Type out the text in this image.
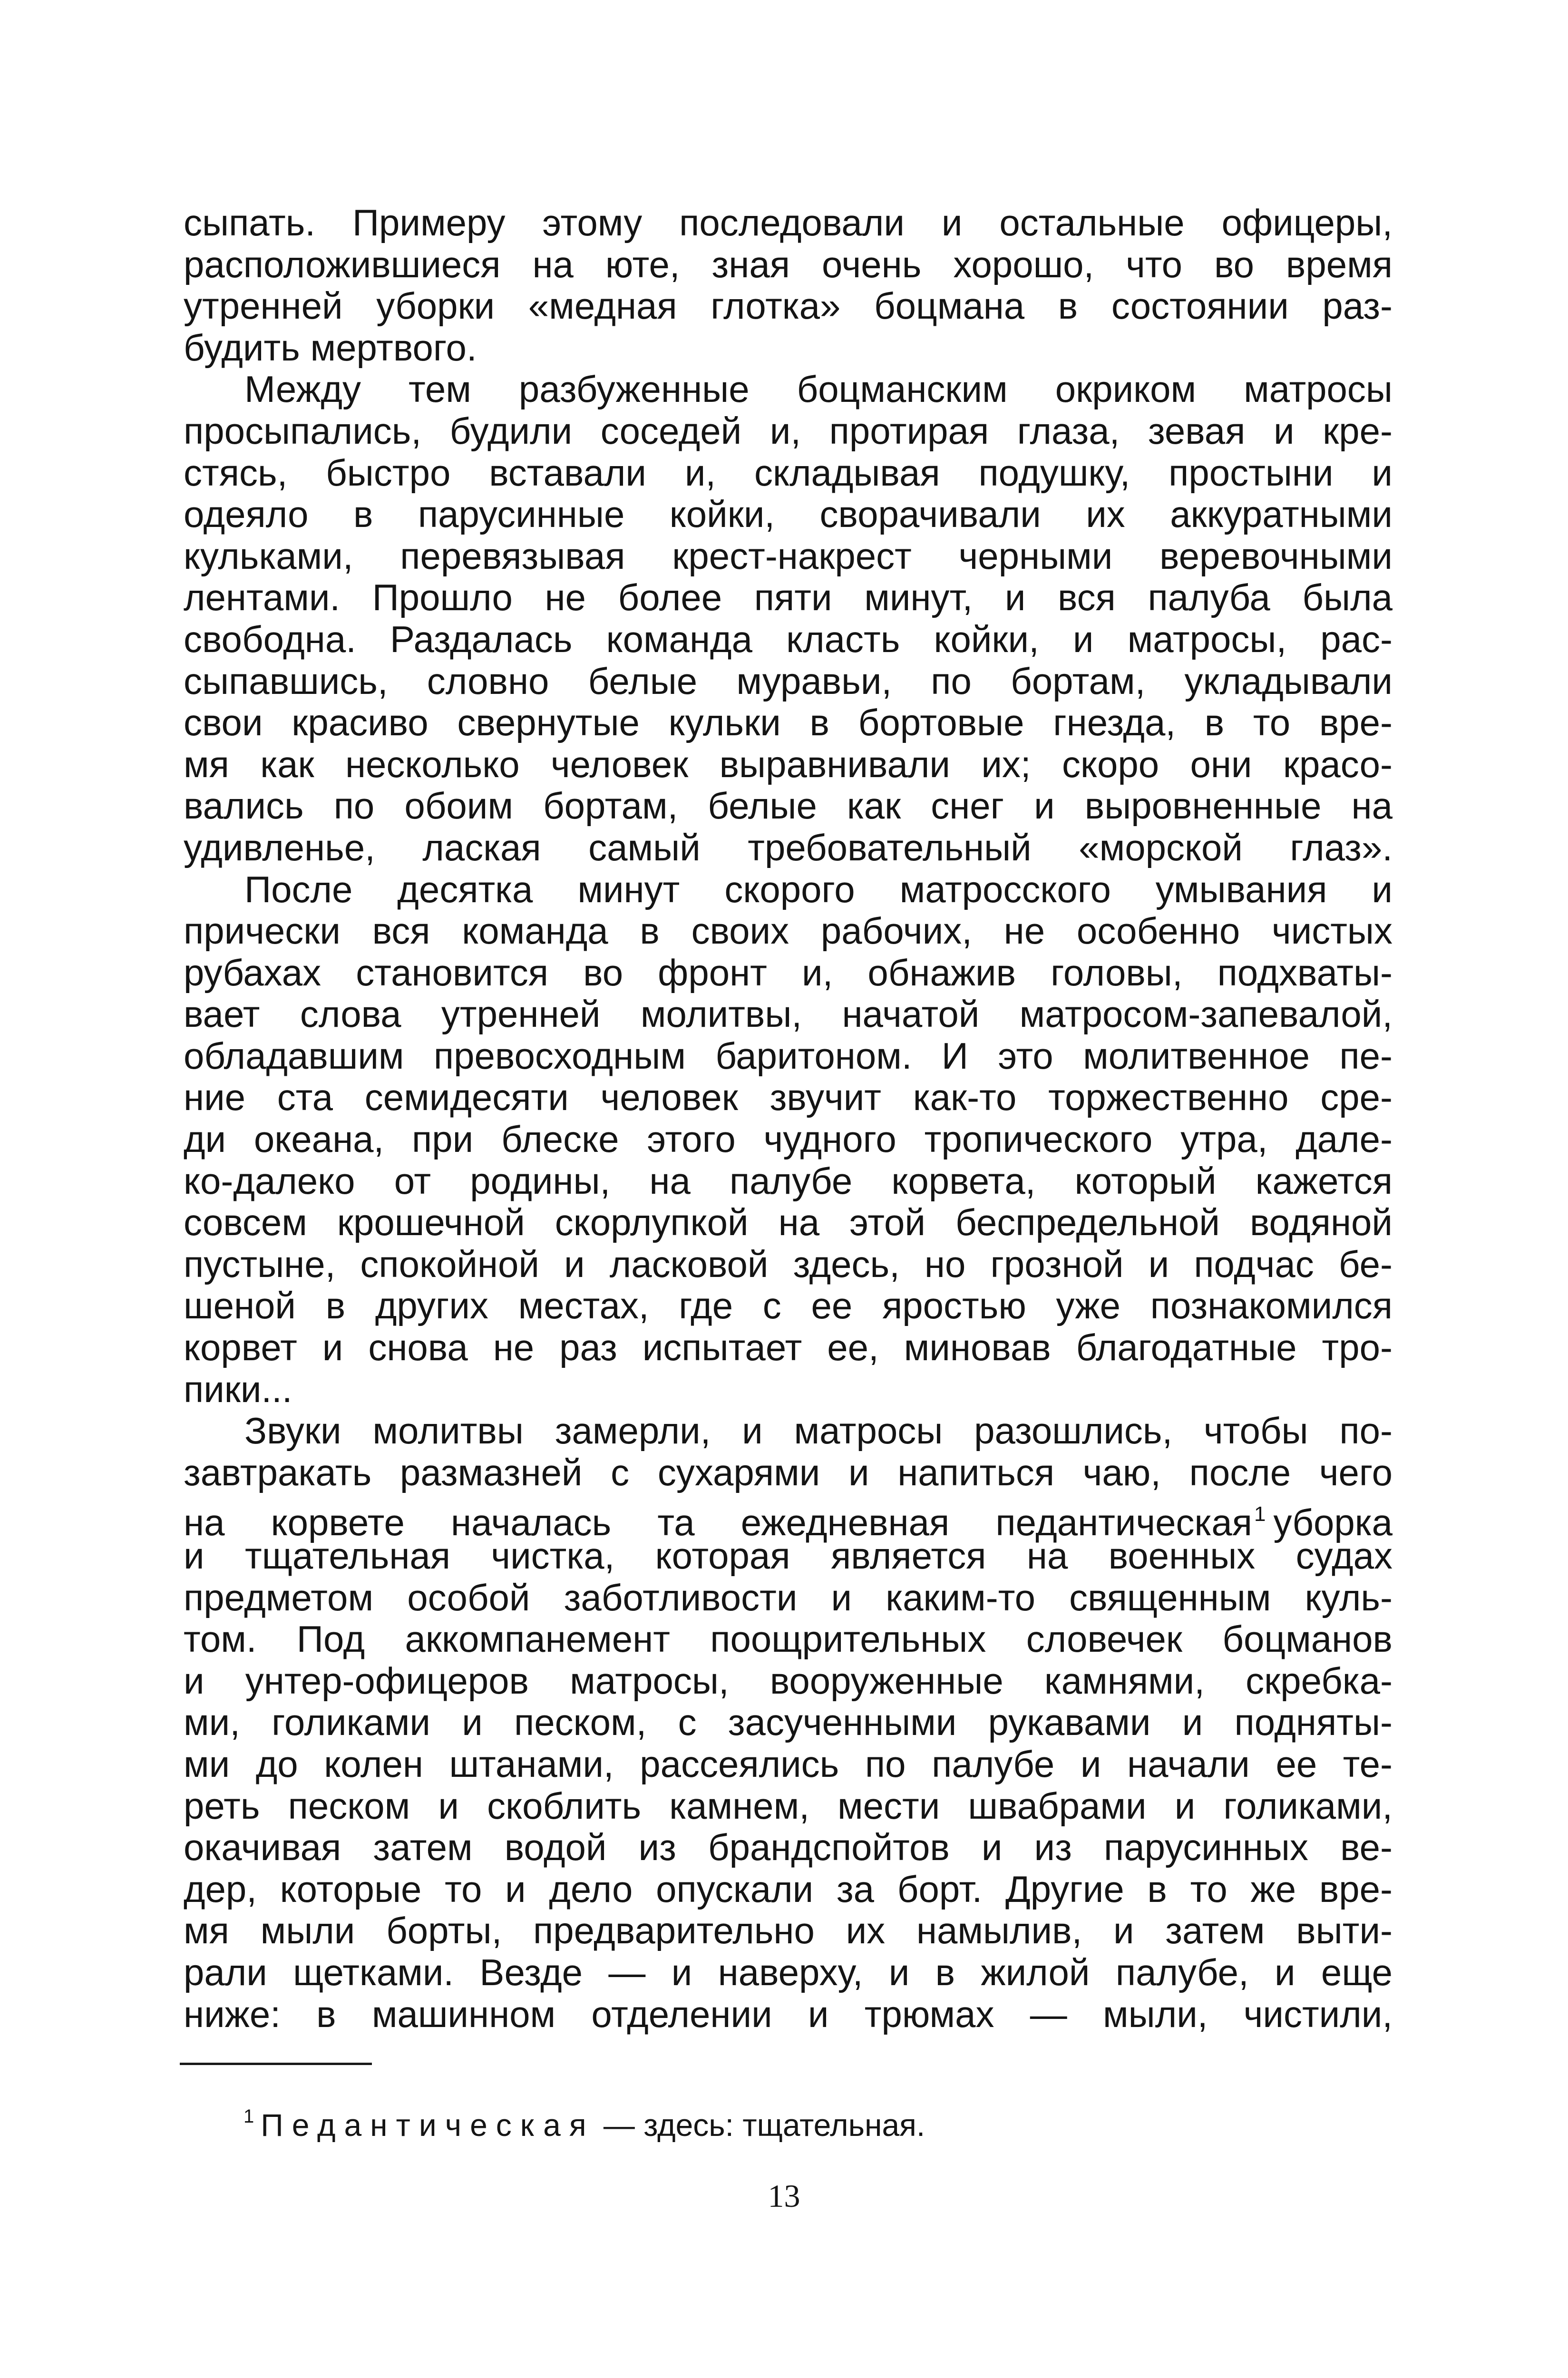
сыпать. Примеру этому последовали и остальные офицеры,
расположившиеся на юте, зная очень хорошо, что во время
утренней уборки «медная глотка» боцмана в состоянии раз-
будить мертвого.
Между тем разбуженные боцманским окриком матросы
просыпались, будили соседей и, протирая глаза, зевая и кре-
стясь, быстро вставали и, складывая подушку, простыни и
одеяло в парусинные койки, сворачивали их аккуратными
кульками, перевязывая крест-накрест черными веревочными
лентами. Прошло не более пяти минут, и вся палуба была
свободна. Раздалась команда класть койки, и матросы, рас-
сыпавшись, словно белые муравьи, по бортам, укладывали
свои красиво свернутые кульки в бортовые гнезда, в то вре-
мя как несколько человек выравнивали их; скоро они красо-
вались по обоим бортам, белые как снег и выровненные на
удивленье, лаская самый требовательный «морской глаз».
После десятка минут скорого матросского умывания и
прически вся команда в своих рабочих, не особенно чистых
рубахах становится во фронт и, обнажив головы, подхваты-
вает слова утренней молитвы, начатой матросом-запевалой,
обладавшим превосходным баритоном. И это молитвенное пе-
ние ста семидесяти человек звучит как-то торжественно сре-
ди океана, при блеске этого чудного тропического утра, дале-
ко-далеко от родины, на палубе корвета, который кажется
совсем крошечной скорлупкой на этой беспредельной водяной
пустыне, спокойной и ласковой здесь, но грозной и подчас бе-
шеной в других местах, где с ее яростью уже познакомился
корвет и снова не раз испытает ее, миновав благодатные тро-
пики...
Звуки молитвы замерли, и матросы разошлись, чтобы по-
завтракать размазней с сухарями и напиться чаю, после чего
на корвете началась та ежедневная педантическая$^1$ уборка
и тщательная чистка, которая является на военных судах
предметом особой заботливости и каким-то священным куль-
том. Под аккомпанемент поощрительных словечек боцманов
и унтер-офицеров матросы, вооруженные камнями, скребка-
ми, голиками и песком, с засученными рукавами и подняты-
ми до колен штанами, рассеялись по палубе и начали ее те-
реть песком и скоблить камнем, мести швабрами и голиками,
окачивая затем водой из брандспойтов и из парусинных ве-
дер, которые то и дело опускали за борт. Другие в то же вре-
мя мыли борты, предварительно их намылив, и затем выти-
рали щетками. Везде — и наверху, и в жилой палубе, и еще
ниже: в машинном отделении и трюмах — мыли, чистили,
$^1$ Педантическая — здесь: тщательная.
13
